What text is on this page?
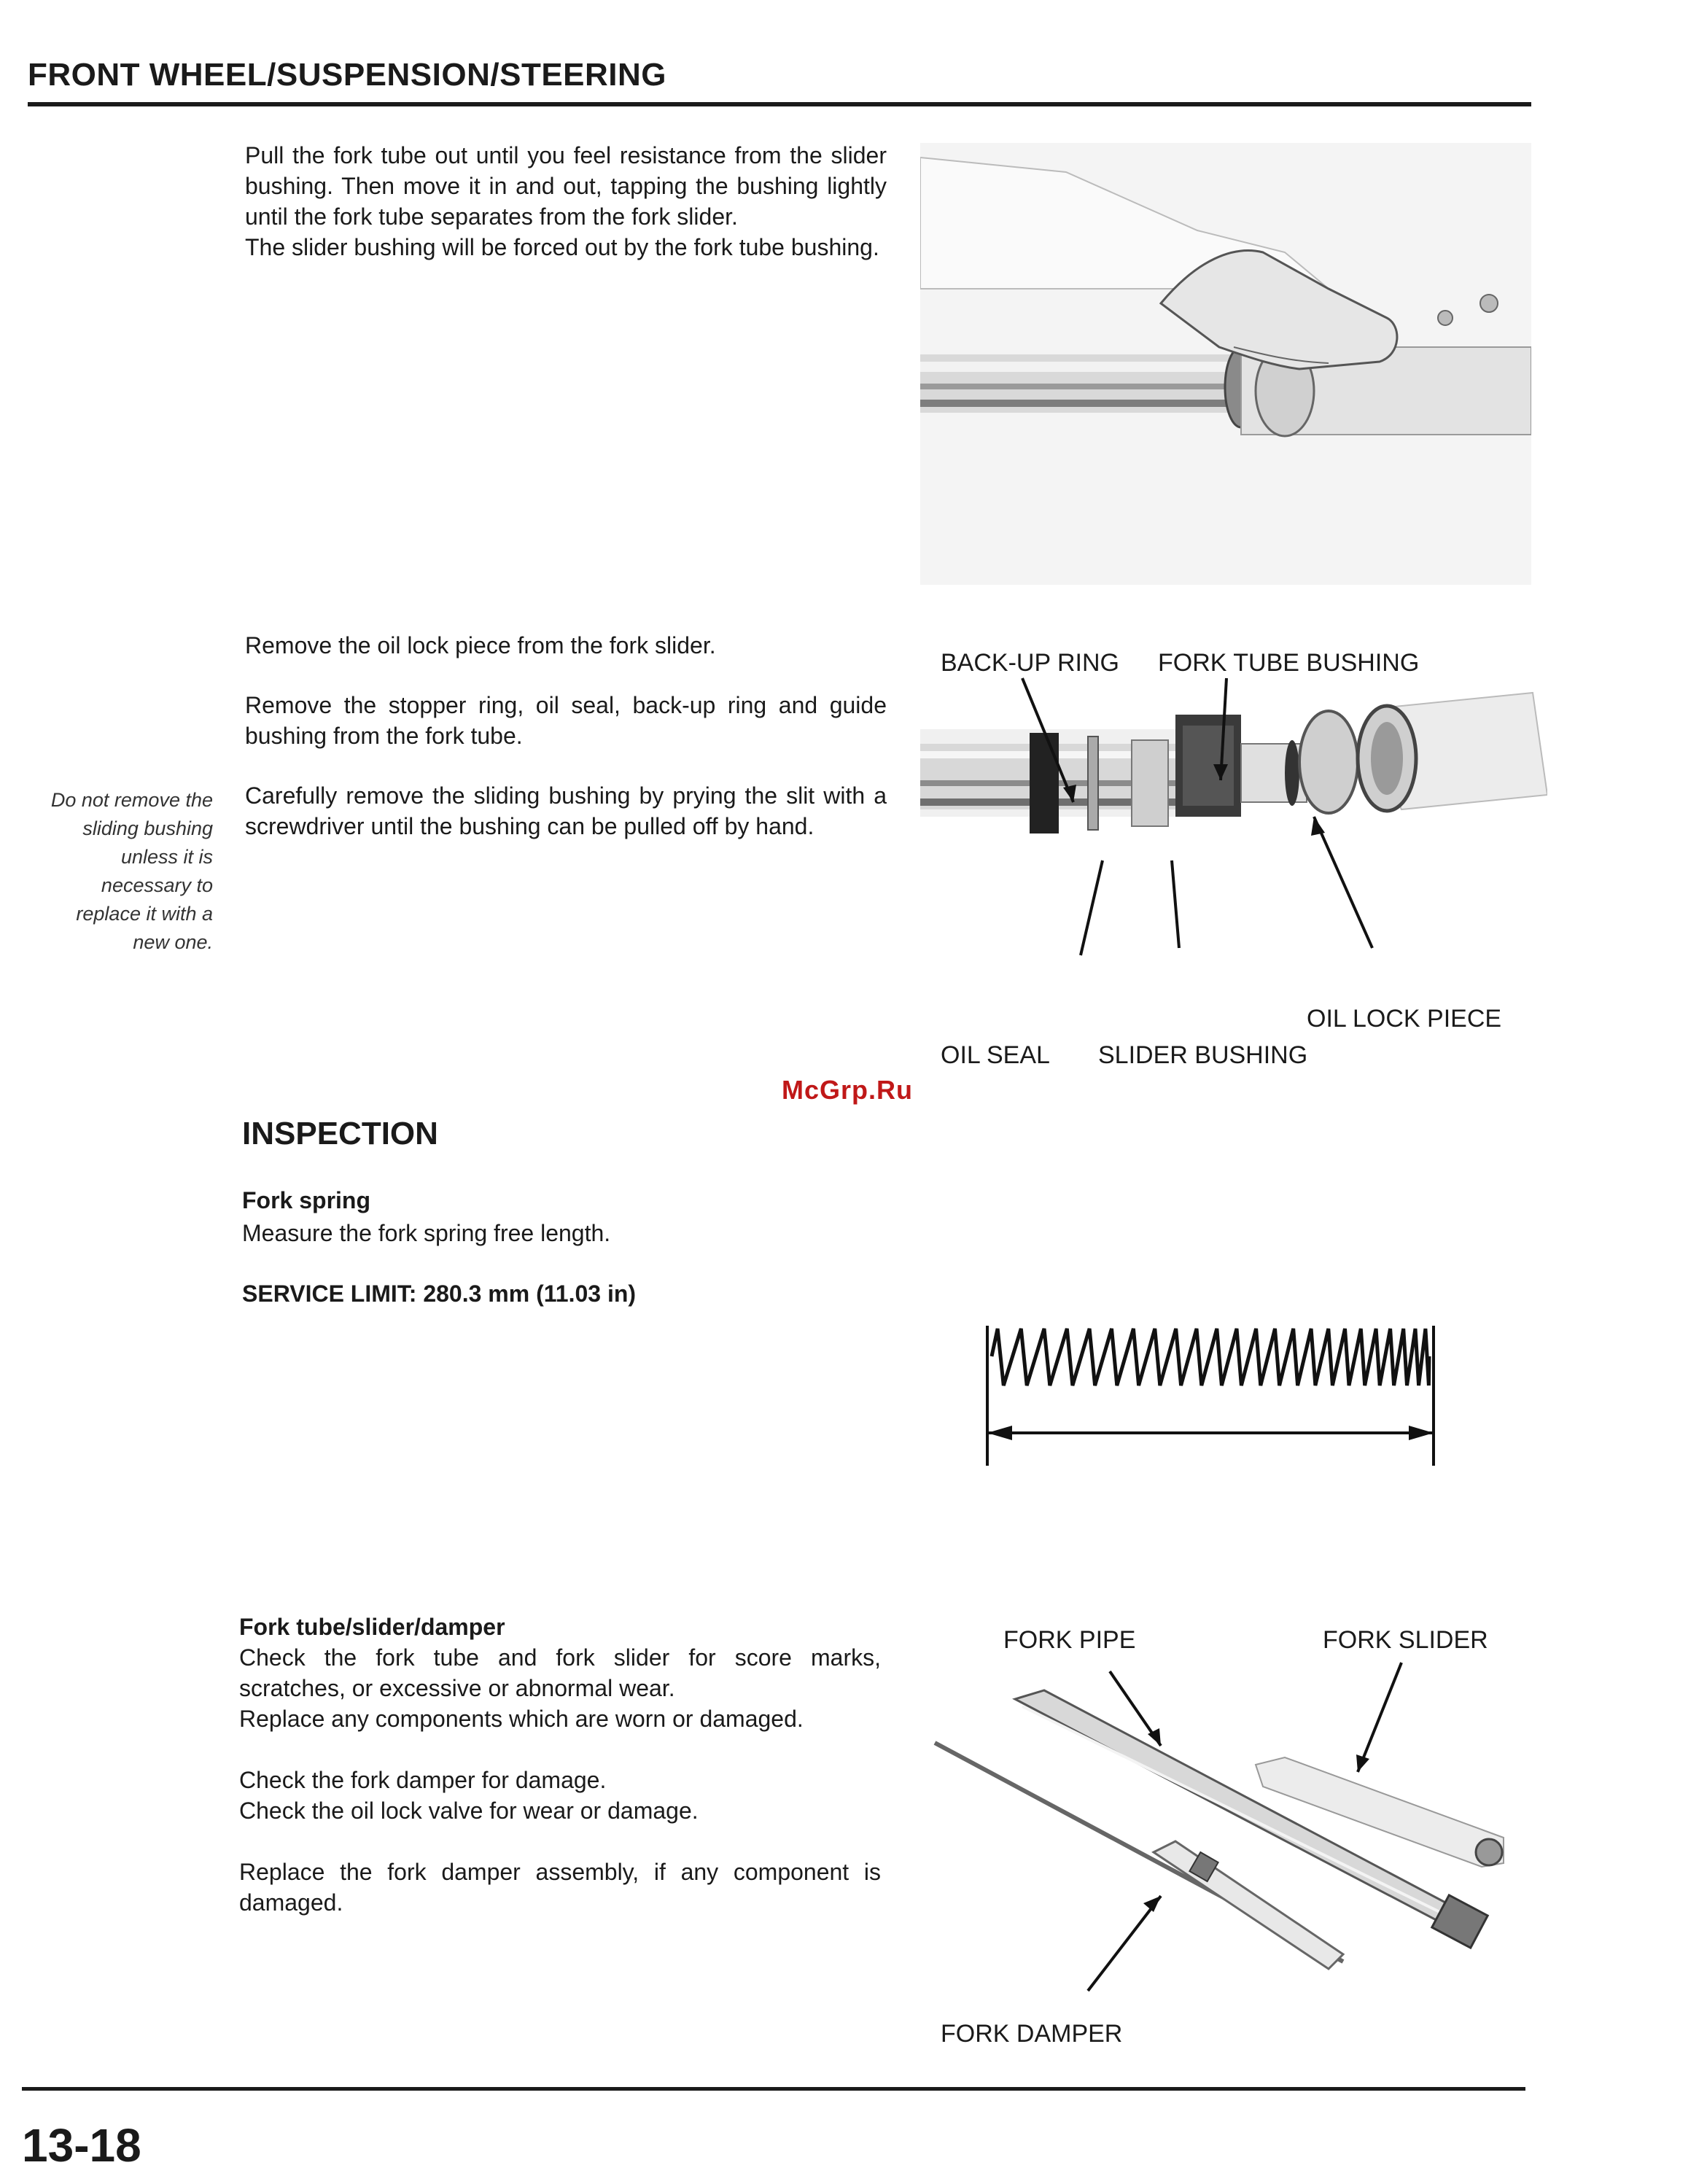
FRONT WHEEL/SUSPENSION/STEERING
Pull the fork tube out until you feel resistance from the slider bushing. Then move it in and out, tapping the bushing lightly until the fork tube separates from the fork slider.
The slider bushing will be forced out by the fork tube bushing.
Remove the oil lock piece from the fork slider.
Remove the stopper ring, oil seal, back-up ring and guide bushing from the fork tube.
Carefully remove the sliding bushing by prying the slit with a screwdriver until the bushing can be pulled off by hand.
Do not remove the sliding bushing unless it is necessary to replace it with a new one.
BACK-UP RING FORK TUBE BUSHING
OIL LOCK PIECE
OIL SEAL SLIDER BUSHING
McGrp.Ru
INSPECTION
Fork spring
Measure the fork spring free length.
SERVICE LIMIT: 280.3 mm (11.03 in)
Fork tube/slider/damper
Check the fork tube and fork slider for score marks, scratches, or excessive or abnormal wear.
Replace any components which are worn or damaged.
Check the fork damper for damage.
Check the oil lock valve for wear or damage.
Replace the fork damper assembly, if any component is damaged.
FORK PIPE	FORK SLIDER
FORK DAMPER
13-18
